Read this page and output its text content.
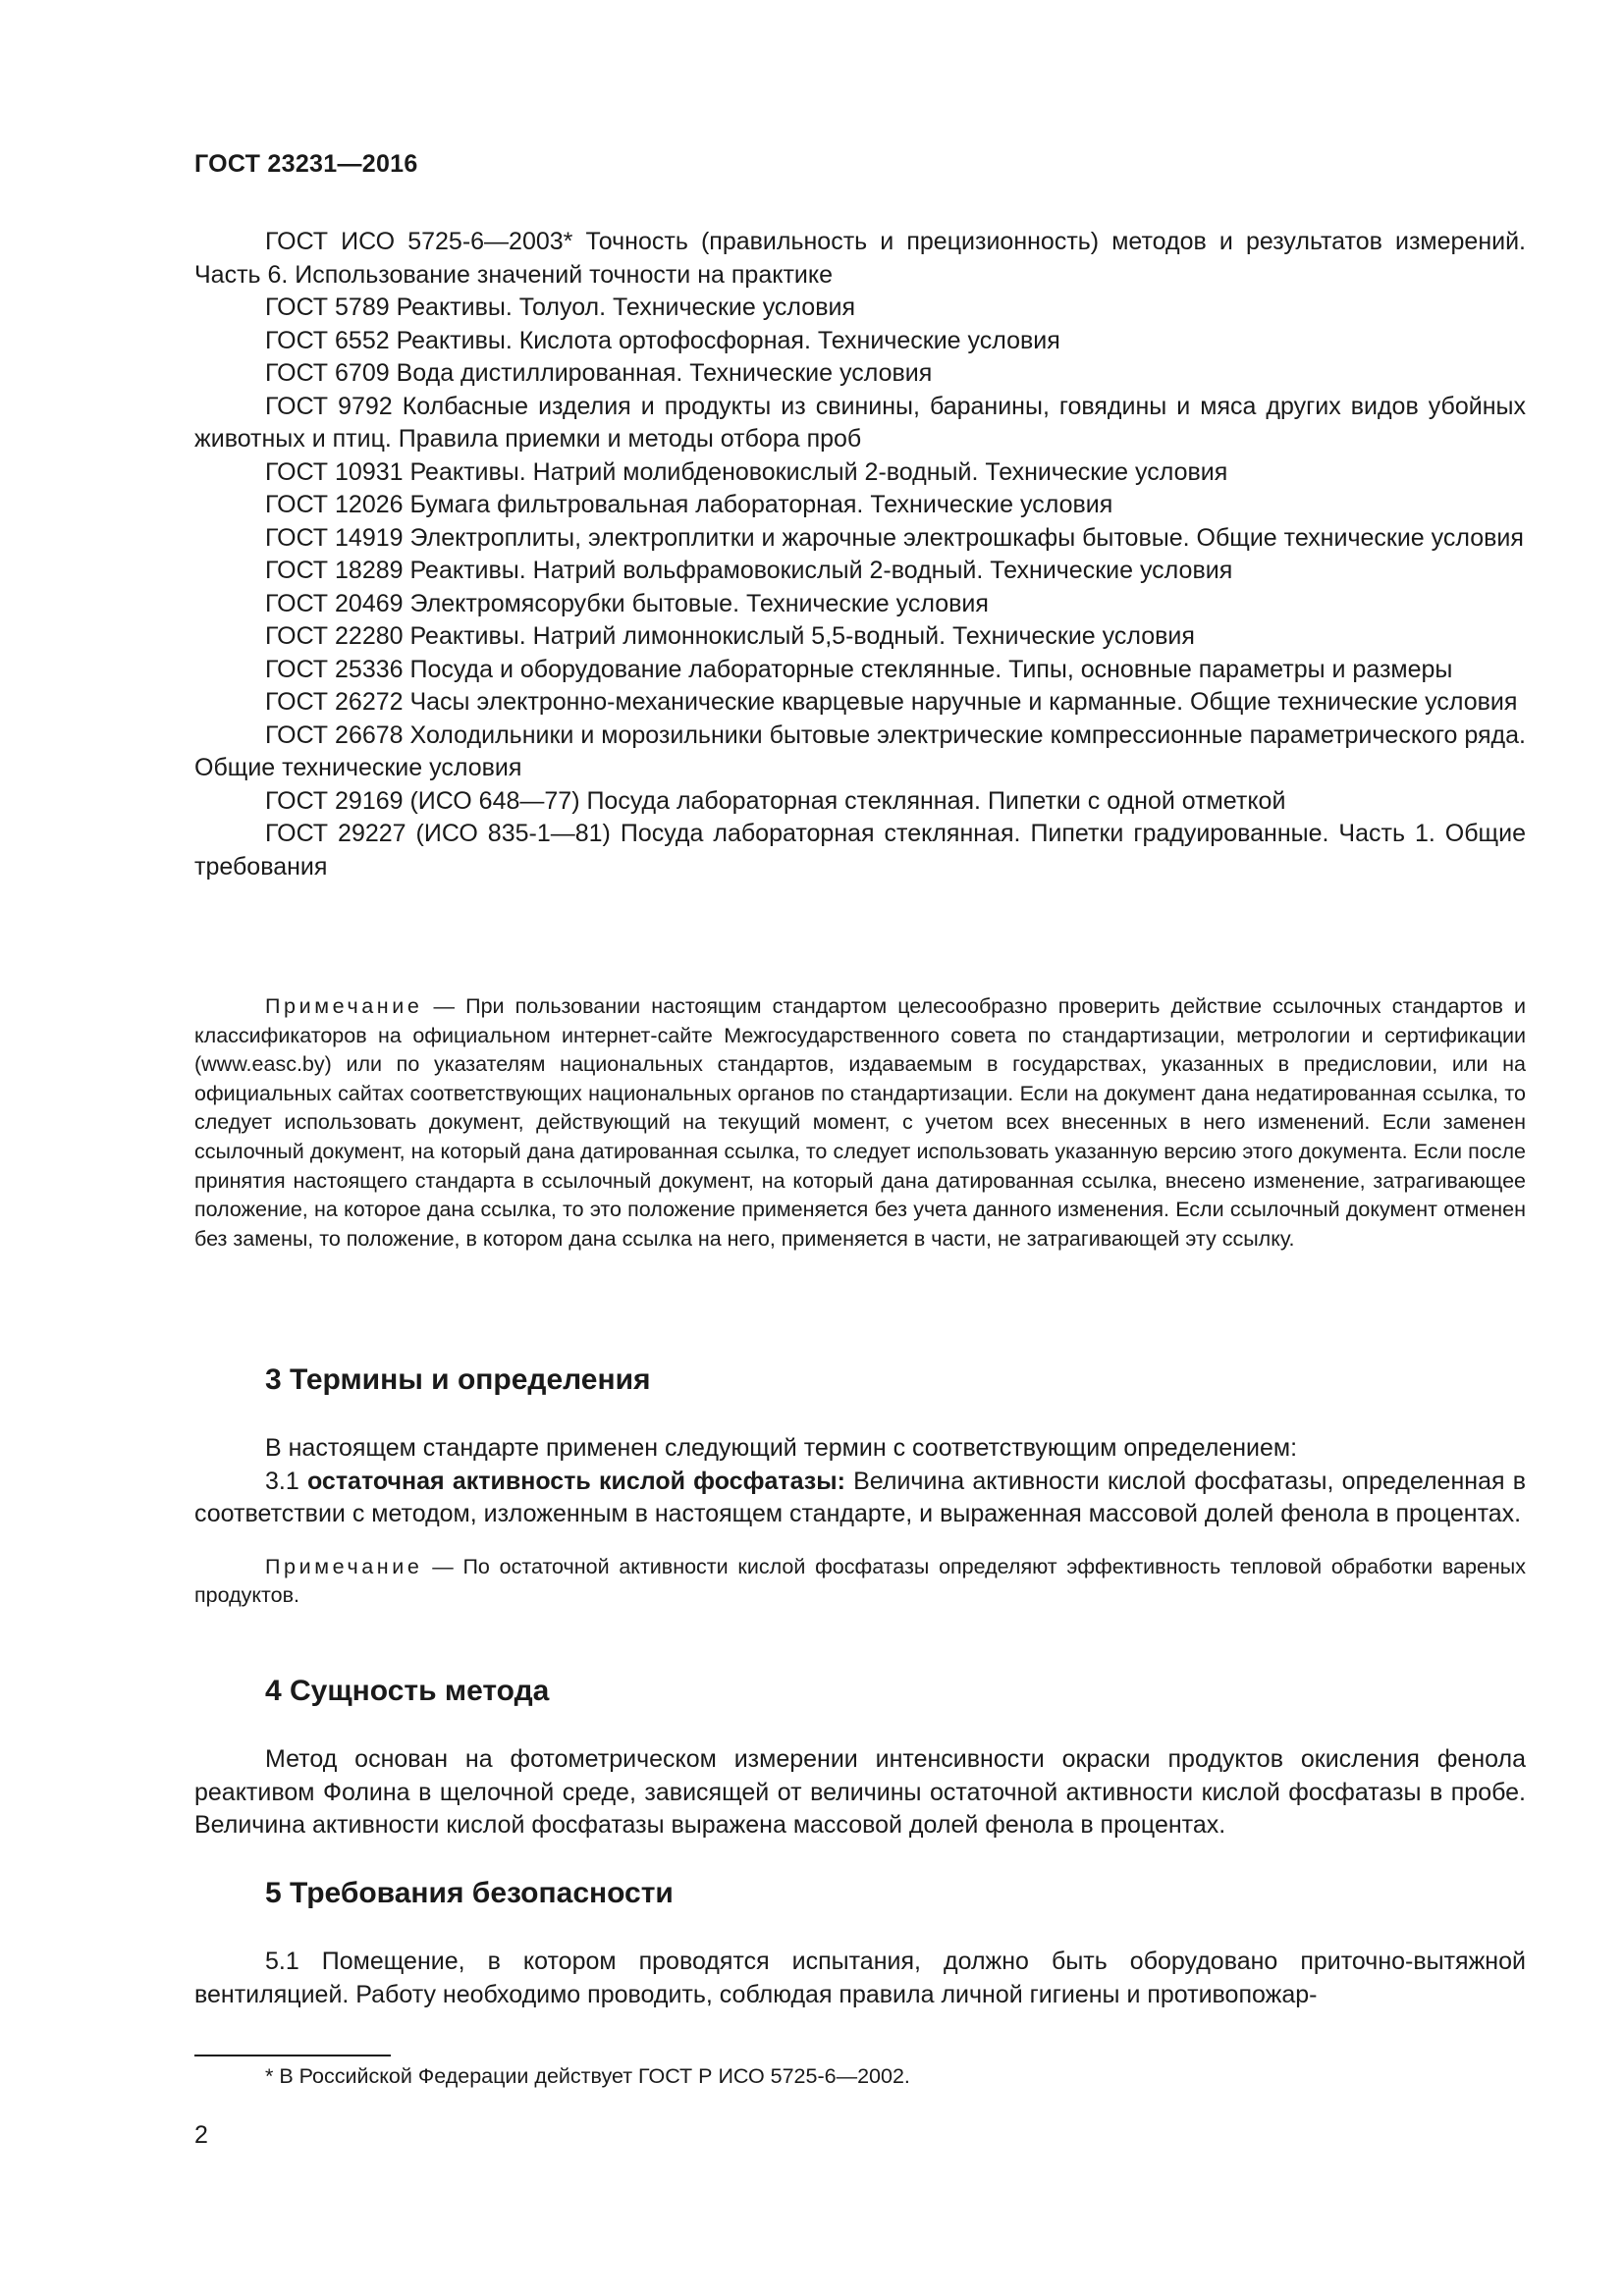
ГОСТ 23231—2016

ГОСТ ИСО 5725-6—2003* Точность (правильность и прецизионность) методов и результатов измерений. Часть 6. Использование значений точности на практике

ГОСТ 5789 Реактивы. Толуол. Технические условия

ГОСТ 6552 Реактивы. Кислота ортофосфорная. Технические условия

ГОСТ 6709 Вода дистиллированная. Технические условия

ГОСТ 9792 Колбасные изделия и продукты из свинины, баранины, говядины и мяса других видов убойных животных и птиц. Правила приемки и методы отбора проб

ГОСТ 10931 Реактивы. Натрий молибденовокислый 2-водный. Технические условия

ГОСТ 12026 Бумага фильтровальная лабораторная. Технические условия

ГОСТ 14919 Электроплиты, электроплитки и жарочные электрошкафы бытовые. Общие технические условия

ГОСТ 18289 Реактивы. Натрий вольфрамовокислый 2-водный. Технические условия

ГОСТ 20469 Электромясорубки бытовые. Технические условия

ГОСТ 22280 Реактивы. Натрий лимоннокислый 5,5-водный. Технические условия

ГОСТ 25336 Посуда и оборудование лабораторные стеклянные. Типы, основные параметры и размеры

ГОСТ 26272 Часы электронно-механические кварцевые наручные и карманные. Общие технические условия

ГОСТ 26678 Холодильники и морозильники бытовые электрические компрессионные параметрического ряда. Общие технические условия

ГОСТ 29169 (ИСО 648—77) Посуда лабораторная стеклянная. Пипетки с одной отметкой

ГОСТ 29227 (ИСО 835-1—81) Посуда лабораторная стеклянная. Пипетки градуированные. Часть 1. Общие требования

Примечание — При пользовании настоящим стандартом целесообразно проверить действие ссылочных стандартов и классификаторов на официальном интернет-сайте Межгосударственного совета по стандартизации, метрологии и сертификации (www.easc.by) или по указателям национальных стандартов, издаваемым в государствах, указанных в предисловии, или на официальных сайтах соответствующих национальных органов по стандартизации. Если на документ дана недатированная ссылка, то следует использовать документ, действующий на текущий момент, с учетом всех внесенных в него изменений. Если заменен ссылочный документ, на который дана датированная ссылка, то следует использовать указанную версию этого документа. Если после принятия настоящего стандарта в ссылочный документ, на который дана датированная ссылка, внесено изменение, затрагивающее положение, на которое дана ссылка, то это положение применяется без учета данного изменения. Если ссылочный документ отменен без замены, то положение, в котором дана ссылка на него, применяется в части, не затрагивающей эту ссылку.

3 Термины и определения

В настоящем стандарте применен следующий термин с соответствующим определением:

3.1 остаточная активность кислой фосфатазы: Величина активности кислой фосфатазы, определенная в соответствии с методом, изложенным в настоящем стандарте, и выраженная массовой долей фенола в процентах.

Примечание — По остаточной активности кислой фосфатазы определяют эффективность тепловой обработки вареных продуктов.

4 Сущность метода

Метод основан на фотометрическом измерении интенсивности окраски продуктов окисления фенола реактивом Фолина в щелочной среде, зависящей от величины остаточной активности кислой фосфатазы в пробе. Величина активности кислой фосфатазы выражена массовой долей фенола в процентах.

5 Требования безопасности

5.1 Помещение, в котором проводятся испытания, должно быть оборудовано приточно-вытяжной вентиляцией. Работу необходимо проводить, соблюдая правила личной гигиены и противопожар-

* В Российской Федерации действует ГОСТ Р ИСО 5725-6—2002.
2
